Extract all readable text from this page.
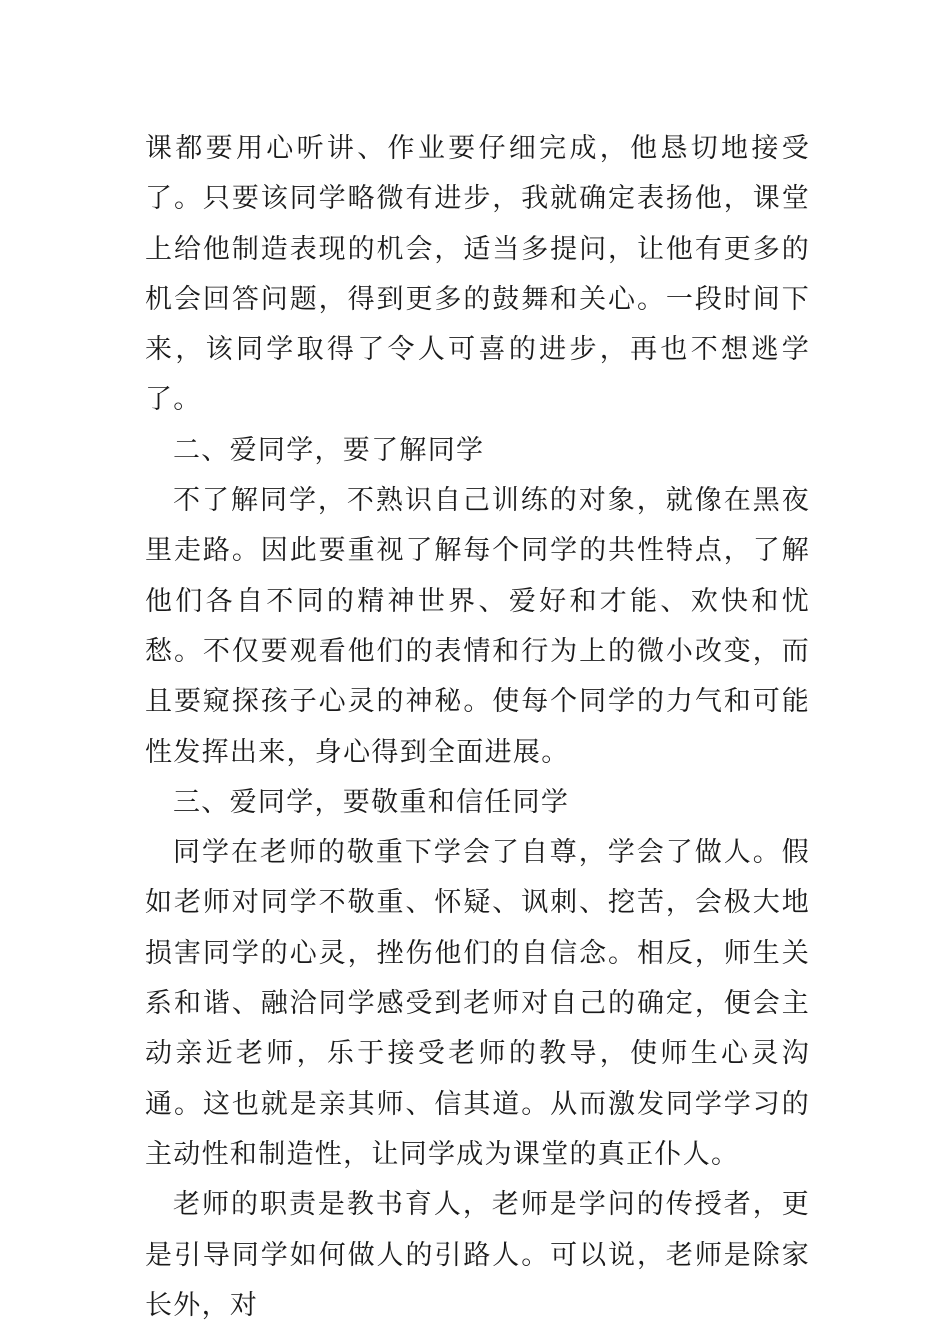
课都要用心听讲、作业要仔细完成，他恳切地接受了。只要该同学略微有进步，我就确定表扬他，课堂上给他制造表现的机会，适当多提问，让他有更多的机会回答问题，得到更多的鼓舞和关心。一段时间下来，该同学取得了令人可喜的进步，再也不想逃学了。

二、爱同学，要了解同学

不了解同学，不熟识自己训练的对象，就像在黑夜里走路。因此要重视了解每个同学的共性特点，了解他们各自不同的精神世界、爱好和才能、欢快和忧愁。不仅要观看他们的表情和行为上的微小改变，而且要窥探孩子心灵的神秘。使每个同学的力气和可能性发挥出来，身心得到全面进展。

三、爱同学，要敬重和信任同学

同学在老师的敬重下学会了自尊，学会了做人。假如老师对同学不敬重、怀疑、讽刺、挖苦，会极大地损害同学的心灵，挫伤他们的自信念。相反，师生关系和谐、融洽同学感受到老师对自己的确定，便会主动亲近老师，乐于接受老师的教导，使师生心灵沟通。这也就是亲其师、信其道。从而激发同学学习的主动性和制造性，让同学成为课堂的真正仆人。

老师的职责是教书育人，老师是学问的传授者，更是引导同学如何做人的引路人。可以说，老师是除家长外，对
